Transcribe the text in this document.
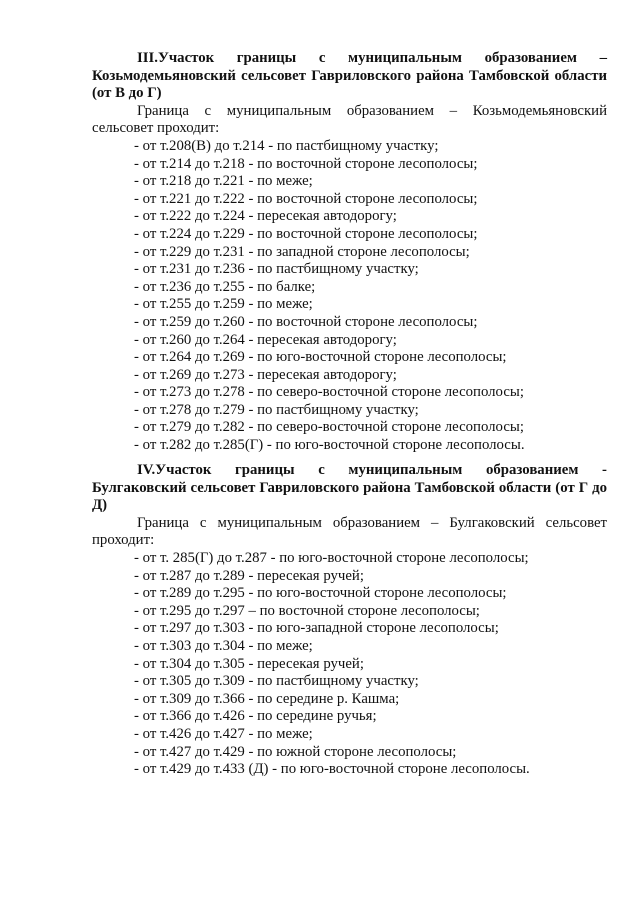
III.Участок границы с муниципальным образованием –
Козьмодемьяновский сельсовет Гавриловского района Тамбовской области (от В до Г)

Граница с муниципальным образованием – Козьмодемьяновский
сельсовет проходит:

- от т.208(В) до т.214 - по пастбищному участку;
- от т.214 до т.218 - по восточной стороне лесополосы;
- от т.218 до т.221 - по меже;
- от т.221 до т.222 - по восточной стороне лесополосы;
- от т.222 до т.224 - пересекая автодорогу;
- от т.224 до т.229 - по восточной стороне лесополосы;
- от т.229 до т.231 - по западной стороне лесополосы;
- от т.231 до т.236 - по пастбищному участку;
- от т.236 до т.255 - по балке;
- от т.255 до т.259 - по меже;
- от т.259 до т.260 - по восточной стороне лесополосы;
- от т.260 до т.264 - пересекая автодорогу;
- от т.264 до т.269 - по юго-восточной стороне лесополосы;
- от т.269 до т.273 - пересекая автодорогу;
- от т.273 до т.278 - по северо-восточной стороне лесополосы;
- от т.278 до т.279 - по пастбищному участку;
- от т.279 до т.282 - по северо-восточной стороне лесополосы;
- от т.282 до т.285(Г) - по юго-восточной стороне лесополосы.

IV.Участок границы с муниципальным образованием -
Булгаковский сельсовет Гавриловского района Тамбовской области (от Г до Д)

Граница с муниципальным образованием – Булгаковский сельсовет
проходит:

- от т. 285(Г) до т.287 - по юго-восточной стороне лесополосы;
- от т.287 до т.289 - пересекая ручей;
- от т.289 до т.295 - по юго-восточной стороне лесополосы;
- от т.295 до т.297 – по восточной стороне лесополосы;
- от т.297 до т.303 - по юго-западной стороне лесополосы;
- от т.303 до т.304 - по меже;
- от т.304 до т.305 - пересекая ручей;
- от т.305 до т.309 - по пастбищному участку;
- от т.309 до т.366 - по середине р. Кашма;
- от т.366 до т.426 - по середине ручья;
- от т.426 до т.427 - по меже;
- от т.427 до т.429 - по южной стороне лесополосы;
- от т.429 до т.433 (Д) - по юго-восточной стороне лесополосы.
